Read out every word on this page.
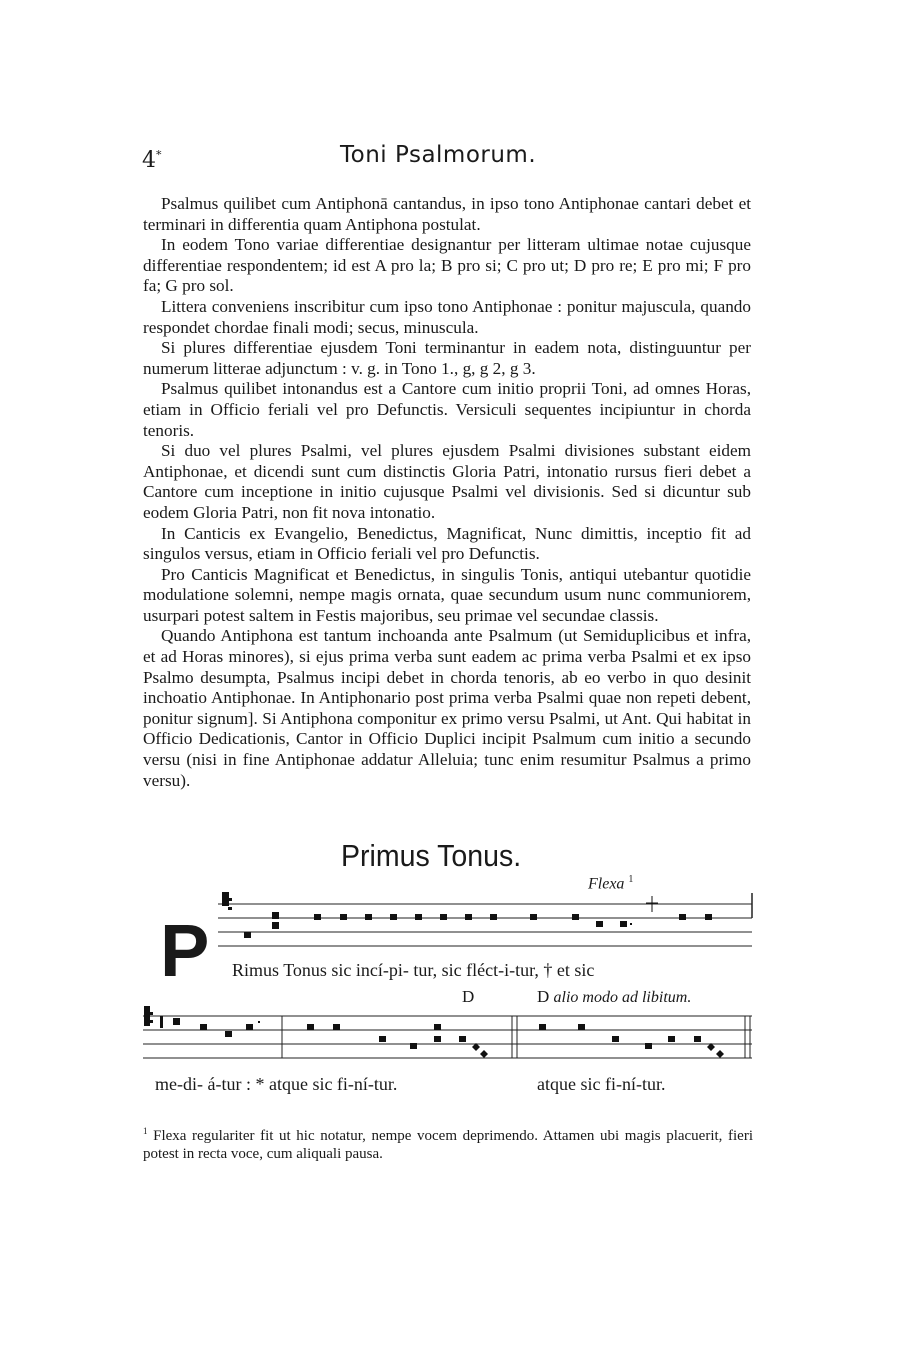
4*	Toni Psalmorum.

Psalmus quilibet cum Antiphonā cantandus, in ipso tono Antiphonae cantari debet et terminari in differentia quam Antiphona postulat.

In eodem Tono variae differentiae designantur per litteram ultimae notae cujusque differentiae respondentem; id est A pro la; B pro si; C pro ut; D pro re; E pro mi; F pro fa; G pro sol.

Littera conveniens inscribitur cum ipso tono Antiphonae : ponitur majuscula, quando respondet chordae finali modi; secus, minuscula.

Si plures differentiae ejusdem Toni terminantur in eadem nota, distinguuntur per numerum litterae adjunctum : v. g. in Tono 1., g, g 2, g 3.

Psalmus quilibet intonandus est a Cantore cum initio proprii Toni, ad omnes Horas, etiam in Officio feriali vel pro Defunctis. Versiculi sequentes incipiuntur in chorda tenoris.

Si duo vel plures Psalmi, vel plures ejusdem Psalmi divisiones substant eidem Antiphonae, et dicendi sunt cum distinctis Gloria Patri, intonatio rursus fieri debet a Cantore cum inceptione in initio cujusque Psalmi vel divisionis. Sed si dicuntur sub eodem Gloria Patri, non fit nova intonatio.

In Canticis ex Evangelio, Benedictus, Magnificat, Nunc dimittis, inceptio fit ad singulos versus, etiam in Officio feriali vel pro Defunctis.

Pro Canticis Magnificat et Benedictus, in singulis Tonis, antiqui utebantur quotidie modulatione solemni, nempe magis ornata, quae secundum usum nunc communiorem, usurpari potest saltem in Festis majoribus, seu primae vel secundae classis.

Quando Antiphona est tantum inchoanda ante Psalmum (ut Semiduplicibus et infra, et ad Horas minores), si ejus prima verba sunt eadem ac prima verba Psalmi et ex ipso Psalmo desumpta, Psalmus incipi debet in chorda tenoris, ab eo verbo in quo desinit inchoatio Antiphonae. In Antiphonario post prima verba Psalmi quae non repeti debent, ponitur signum]. Si Antiphona componitur ex primo versu Psalmi, ut Ant. Qui habitat in Officio Dedicationis, Cantor in Officio Duplici incipit Psalmum cum initio a secundo versu (nisi in fine Antiphonae addatur Alleluia; tunc enim resumitur Psalmus a primo versu).

Primus Tonus.
Flexa $^1$
P Rimus Tonus sic incí-pi- tur, sic fléct-i-tur, † et sic
D	D alio modo ad libitum.
me-di- á-tur : * atque sic fi-ní-tur.	atque sic fi-ní-tur.
$^1$ Flexa regulariter fit ut hic notatur, nempe vocem deprimendo. Attamen ubi magis placuerit, fieri potest in recta voce, cum aliquali pausa.
